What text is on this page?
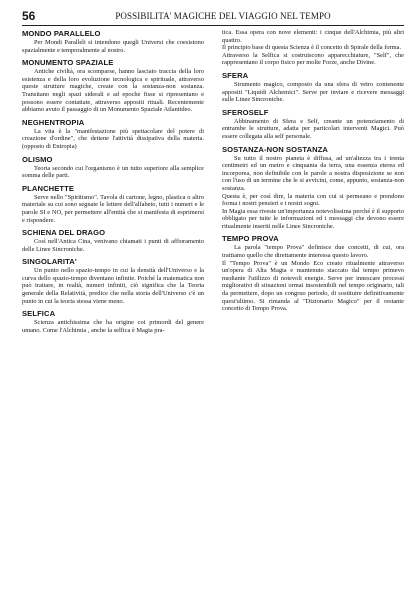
56	POSSIBILITA' MAGICHE DEL VIAGGIO NEL TEMPO
MONDO PARALLELO

Per Mondi Paralleli si intendono quegli Universi che coesistono spazialmente e temporalmente al nostro.

MONUMENTO SPAZIALE

Antiche civiltà, ora scomparse, hanno lasciato traccia della loro esistenza e della loro evoluzione tecnologica e spirituale, attraverso queste strutture magiche, create con la sostanza-non sostanza. Transitano negli spazi siderali e ad epoche fisse si ripresentano e possono essere contattate, attraverso appositi rituali. Recentemente abbiamo avuto il passaggio di un Monumento Spaziale Atlantideo.

NEGHENTROPIA

La vita è la "manifestazione più spettacolare del potere di creazione d'ordine", che detiene l'attività dissipativa della materia. (opposto di Entropia)

OLISMO

Teoria secondo cui l'organismo è un tutto superiore alla semplice somma delle parti.

PLANCHETTE

Serve nello "Spiritismo". Tavola di cartone, legno, plastica o altro materiale su cui sono segnate le lettere dell'alfabeto, tutti i numeri e le parole SI e NO, per permettere all'entità che si manifesta di esprimersi e rispondere.

SCHIENA DEL DRAGO

Così nell'Antica Cina, venivano chiamati i punti di affioramento delle Linee Sincroniche.

SINGOLARITA'

Un punto nello spazio-tempo in cui la densità dell'Universo e la curva dello spazio-tempo diventano infinite. Poiché la matematica non può trattare, in realtà, numeri infiniti, ciò significa che la Teoria generale della Relatività, predice che nella storia dell'Universo c'è un punto in cui la teoria stessa viene meno.

SELFICA

Scienza antichissima che ha origine coi primordi del genere umano. Come l'Alchimia , anche la selfica è Magia pra-

tica. Essa opera con nove elementi: i cinque dell'Alchimia, più altri quattro.

Il principio base di questa Scienza è il concetto di Spirale della forma.

Attraverso la Selfica si costruiscono apparecchiature, "Self", che rappresentano il corpo fisico per molte Forze, anche Divine.

SFERA

Strumento magico, composto da una sfera di vetro contenente appositi "Liquidi Alchemici". Serve per inviare e ricevere messaggi sulle Linee Sincroniche.

SFEROSELF

Abbinamento di Sfera e Self, creante un potenziamento di entrambe le strutture, adatta per particolari interventi Magici. Può essere collegata alla self personale.

SOSTANZA-NON SOSTANZA

Su tutto il nostro pianeta è diffusa, ad un'altezza tra i trenta centimetri ed un metro e cinquanta da terra, una essenza eterea ed incorporea, non definibile con le parole a nostra disposizione se non con l'uso di un termine che le si avvicini, come, appunto, sostanza-non sostanza.

Questa è, per così dire, la materia con cui si permeano e prendono forma i nostri pensieri e i nostri sogni.

In Magia essa riveste un'importanza notevolissima perché è il supporto obbligato per tutte le informazioni ed i messaggi che devono essere ritualmente inseriti nelle Linee Sincroniche.

TEMPO PROVA

La parola "tempo Prova" definisce due concetti, di cui, ora trattiamo quello che direttamente interessa questo lavoro.

Il "Tempo Prova" è un Mondo Eco creato ritualmente attraverso un'opera di Alta Magia e mantenuto staccato dal tempo primevo mediante l'utilizzo di notevoli energie. Serve per innescare processi migliorativi di situazioni ormai insostenibili nel tempo originario, tali da permettere, dopo un congruo periodo, di sostituire definitivamente quest'ultimo. Si rimanda al "Dizionario Magico" per il restante concetto di Tempo Prova.
